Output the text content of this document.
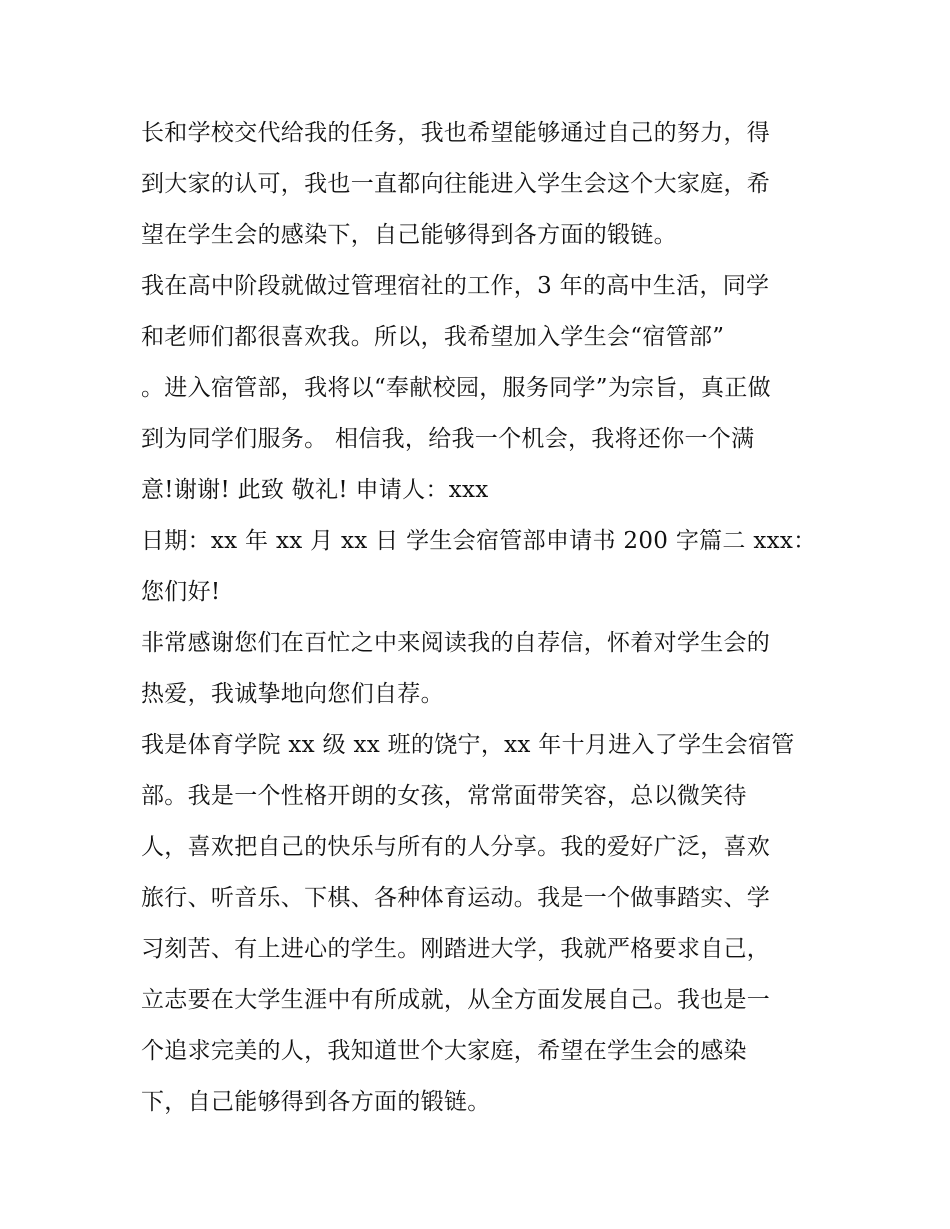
长和学校交代给我的任务，我也希望能够通过自己的努力，得
到大家的认可，我也一直都向往能进入学生会这个大家庭，希
望在学生会的感染下，自己能够得到各方面的锻链。
我在高中阶段就做过管理宿社的工作，3 年的高中生活，同学
和老师们都很喜欢我。所以，我希望加入学生会“宿管部”
。进入宿管部，我将以“奉献校园，服务同学”为宗旨，真正做
到为同学们服务。 相信我，给我一个机会，我将还你一个满
意!谢谢! 此致 敬礼! 申请人：xxx
日期：xx 年 xx 月 xx 日 学生会宿管部申请书 200 字篇二 xxx：
您们好!
非常感谢您们在百忙之中来阅读我的自荐信，怀着对学生会的
热爱，我诚挚地向您们自荐。
我是体育学院 xx 级 xx 班的饶宁，xx 年十月进入了学生会宿管
部。我是一个性格开朗的女孩，常常面带笑容，总以微笑待
人，喜欢把自己的快乐与所有的人分享。我的爱好广泛，喜欢
旅行、听音乐、下棋、各种体育运动。我是一个做事踏实、学
习刻苦、有上进心的学生。刚踏进大学，我就严格要求自己，
立志要在大学生涯中有所成就，从全方面发展自己。我也是一
个追求完美的人，我知道世个大家庭，希望在学生会的感染
下，自己能够得到各方面的锻链。
